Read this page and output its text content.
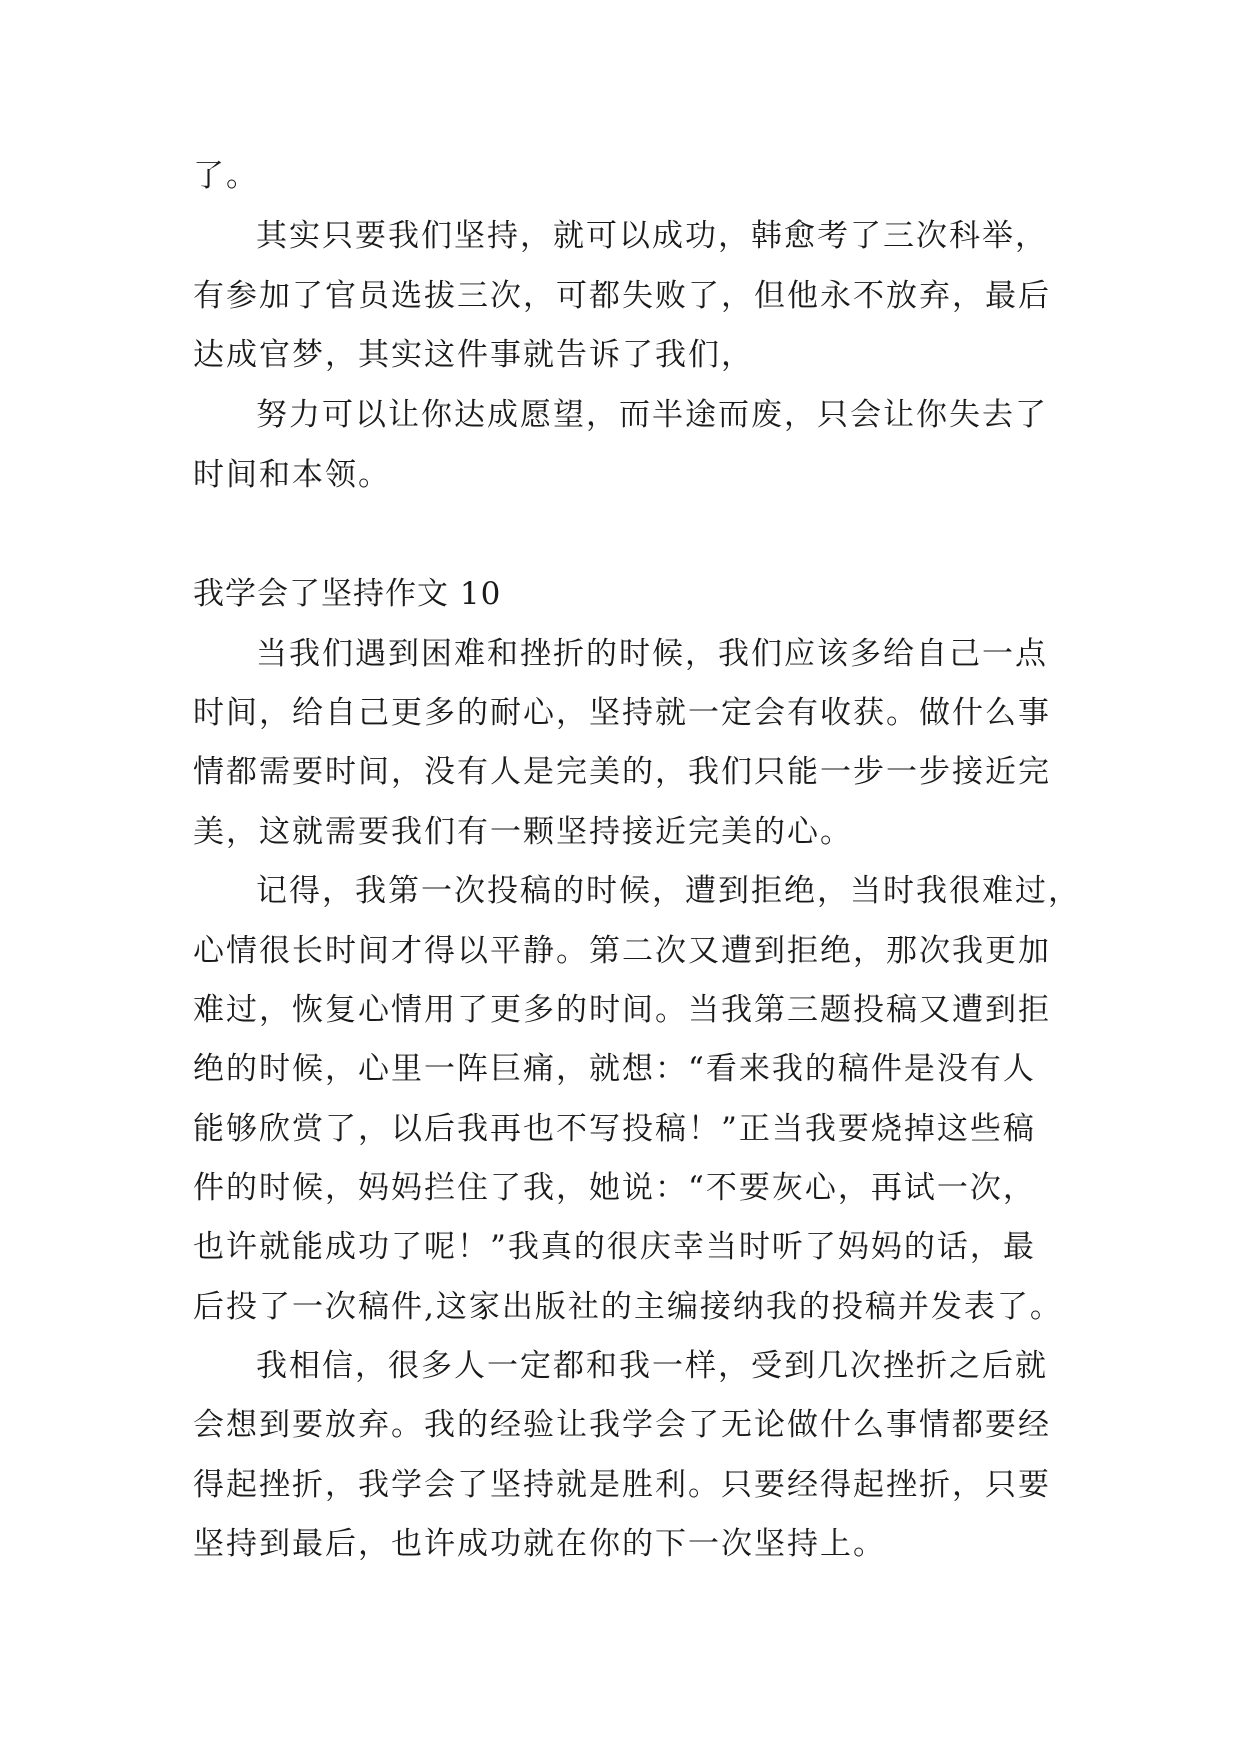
了。

其实只要我们坚持，就可以成功，韩愈考了三次科举，

有参加了官员选拔三次，可都失败了，但他永不放弃，最后

达成官梦，其实这件事就告诉了我们，

努力可以让你达成愿望，而半途而废，只会让你失去了

时间和本领。

我学会了坚持作文 10

当我们遇到困难和挫折的时候，我们应该多给自己一点

时间，给自己更多的耐心，坚持就一定会有收获。做什么事

情都需要时间，没有人是完美的，我们只能一步一步接近完

美，这就需要我们有一颗坚持接近完美的心。

记得，我第一次投稿的时候，遭到拒绝，当时我很难过，

心情很长时间才得以平静。第二次又遭到拒绝，那次我更加

难过，恢复心情用了更多的时间。当我第三题投稿又遭到拒

绝的时候，心里一阵巨痛，就想：“看来我的稿件是没有人

能够欣赏了，以后我再也不写投稿！”正当我要烧掉这些稿

件的时候，妈妈拦住了我，她说：“不要灰心，再试一次，

也许就能成功了呢！”我真的很庆幸当时听了妈妈的话，最

后投了一次稿件,这家出版社的主编接纳我的投稿并发表了。

我相信，很多人一定都和我一样，受到几次挫折之后就

会想到要放弃。我的经验让我学会了无论做什么事情都要经

得起挫折，我学会了坚持就是胜利。只要经得起挫折，只要

坚持到最后，也许成功就在你的下一次坚持上。
